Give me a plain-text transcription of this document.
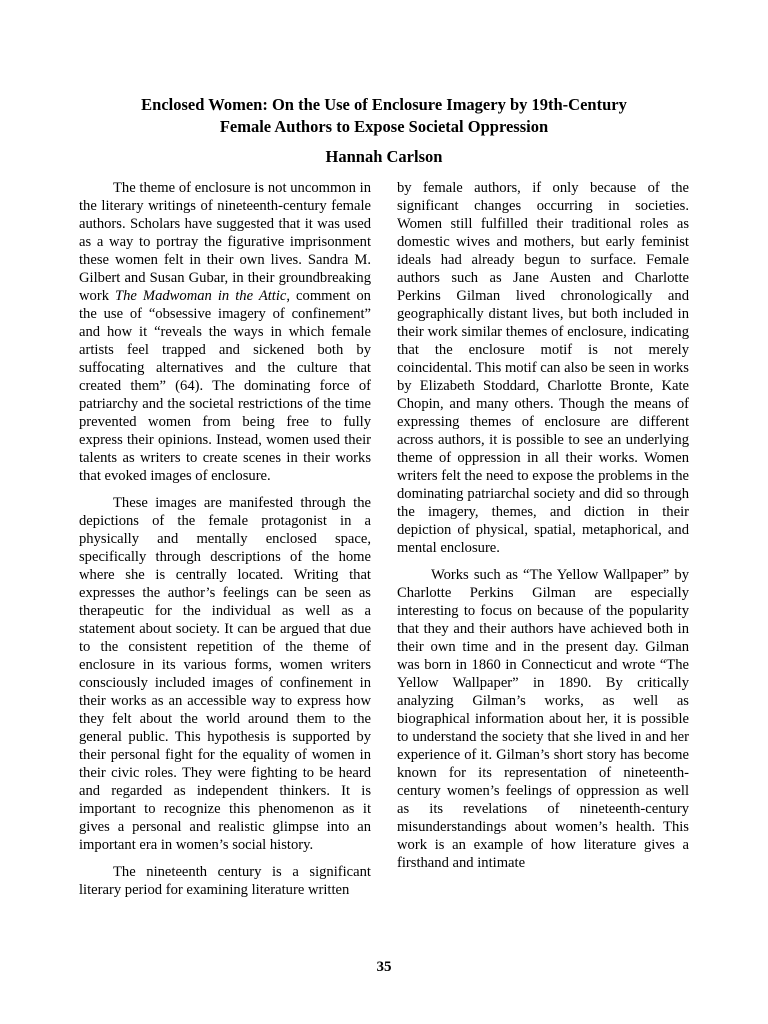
Enclosed Women: On the Use of Enclosure Imagery by 19th-Century
Female Authors to Expose Societal Oppression
Hannah Carlson

The theme of enclosure is not uncommon in the literary writings of nineteenth-century female authors. Scholars have suggested that it was used as a way to portray the figurative imprisonment these women felt in their own lives. Sandra M. Gilbert and Susan Gubar, in their groundbreaking work The Madwoman in the Attic, comment on the use of “obsessive imagery of confinement” and how it “reveals the ways in which female artists feel trapped and sickened both by suffocating alternatives and the culture that created them” (64). The dominating force of patriarchy and the societal restrictions of the time prevented women from being free to fully express their opinions. Instead, women used their talents as writers to create scenes in their works that evoked images of enclosure.

These images are manifested through the depictions of the female protagonist in a physically and mentally enclosed space, specifically through descriptions of the home where she is centrally located. Writing that expresses the author’s feelings can be seen as therapeutic for the individual as well as a statement about society. It can be argued that due to the consistent repetition of the theme of enclosure in its various forms, women writers consciously included images of confinement in their works as an accessible way to express how they felt about the world around them to the general public. This hypothesis is supported by their personal fight for the equality of women in their civic roles. They were fighting to be heard and regarded as independent thinkers. It is important to recognize this phenomenon as it gives a personal and realistic glimpse into an important era in women’s social history.

The nineteenth century is a significant literary period for examining literature written

by female authors, if only because of the significant changes occurring in societies. Women still fulfilled their traditional roles as domestic wives and mothers, but early feminist ideals had already begun to surface. Female authors such as Jane Austen and Charlotte Perkins Gilman lived chronologically and geographically distant lives, but both included in their work similar themes of enclosure, indicating that the enclosure motif is not merely coincidental. This motif can also be seen in works by Elizabeth Stoddard, Charlotte Bronte, Kate Chopin, and many others. Though the means of expressing themes of enclosure are different across authors, it is possible to see an underlying theme of oppression in all their works. Women writers felt the need to expose the problems in the dominating patriarchal society and did so through the imagery, themes, and diction in their depiction of physical, spatial, metaphorical, and mental enclosure.

Works such as “The Yellow Wallpaper” by Charlotte Perkins Gilman are especially interesting to focus on because of the popularity that they and their authors have achieved both in their own time and in the present day. Gilman was born in 1860 in Connecticut and wrote “The Yellow Wallpaper” in 1890. By critically analyzing Gilman’s works, as well as biographical information about her, it is possible to understand the society that she lived in and her experience of it. Gilman’s short story has become known for its representation of nineteenth-century women’s feelings of oppression as well as its revelations of nineteenth-century misunderstandings about women’s health. This work is an example of how literature gives a firsthand and intimate

35
